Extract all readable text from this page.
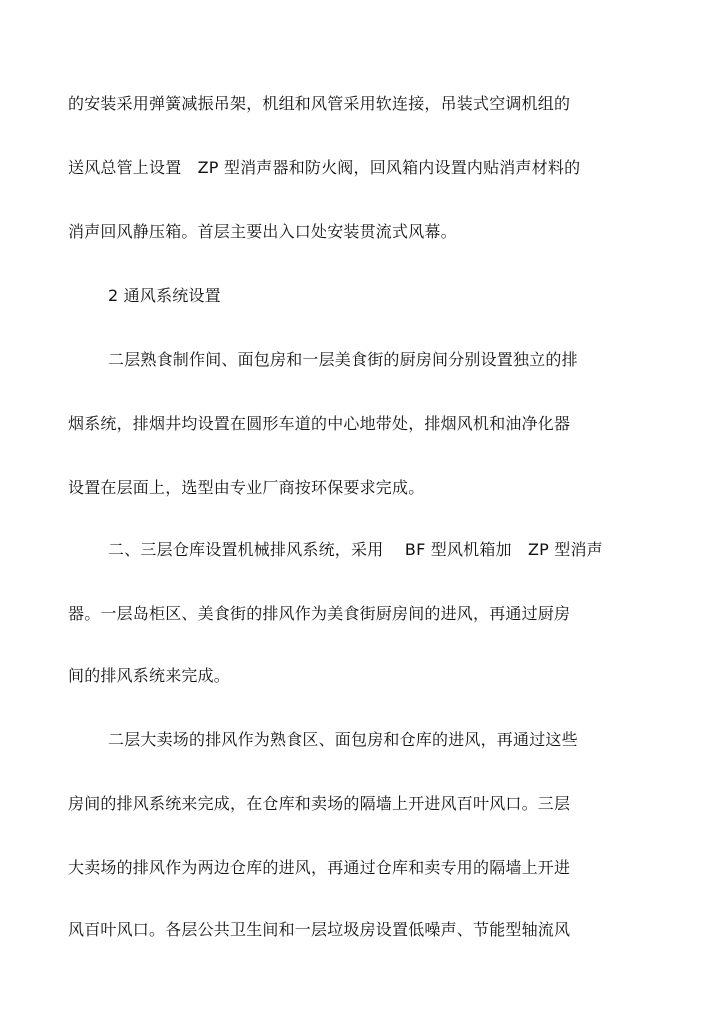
的安装采用弹簧减振吊架，机组和风管采用软连接，吊装式空调机组的
送风总管上设置　ZP 型消声器和防火阀，回风箱内设置内贴消声材料的
消声回风静压箱。首层主要出入口处安装贯流式风幕。
2 通风系统设置
二层熟食制作间、面包房和一层美食街的厨房间分别设置独立的排
烟系统，排烟井均设置在圆形车道的中心地带处，排烟风机和油净化器
设置在层面上，选型由专业厂商按环保要求完成。
二、三层仓库设置机械排风系统，采用　 BF 型风机箱加　ZP 型消声
器。一层岛柜区、美食街的排风作为美食街厨房间的进风，再通过厨房
间的排风系统来完成。
二层大卖场的排风作为熟食区、面包房和仓库的进风，再通过这些
房间的排风系统来完成，在仓库和卖场的隔墙上开进风百叶风口。三层
大卖场的排风作为两边仓库的进风，再通过仓库和卖专用的隔墙上开进
风百叶风口。各层公共卫生间和一层垃圾房设置低噪声、节能型轴流风
